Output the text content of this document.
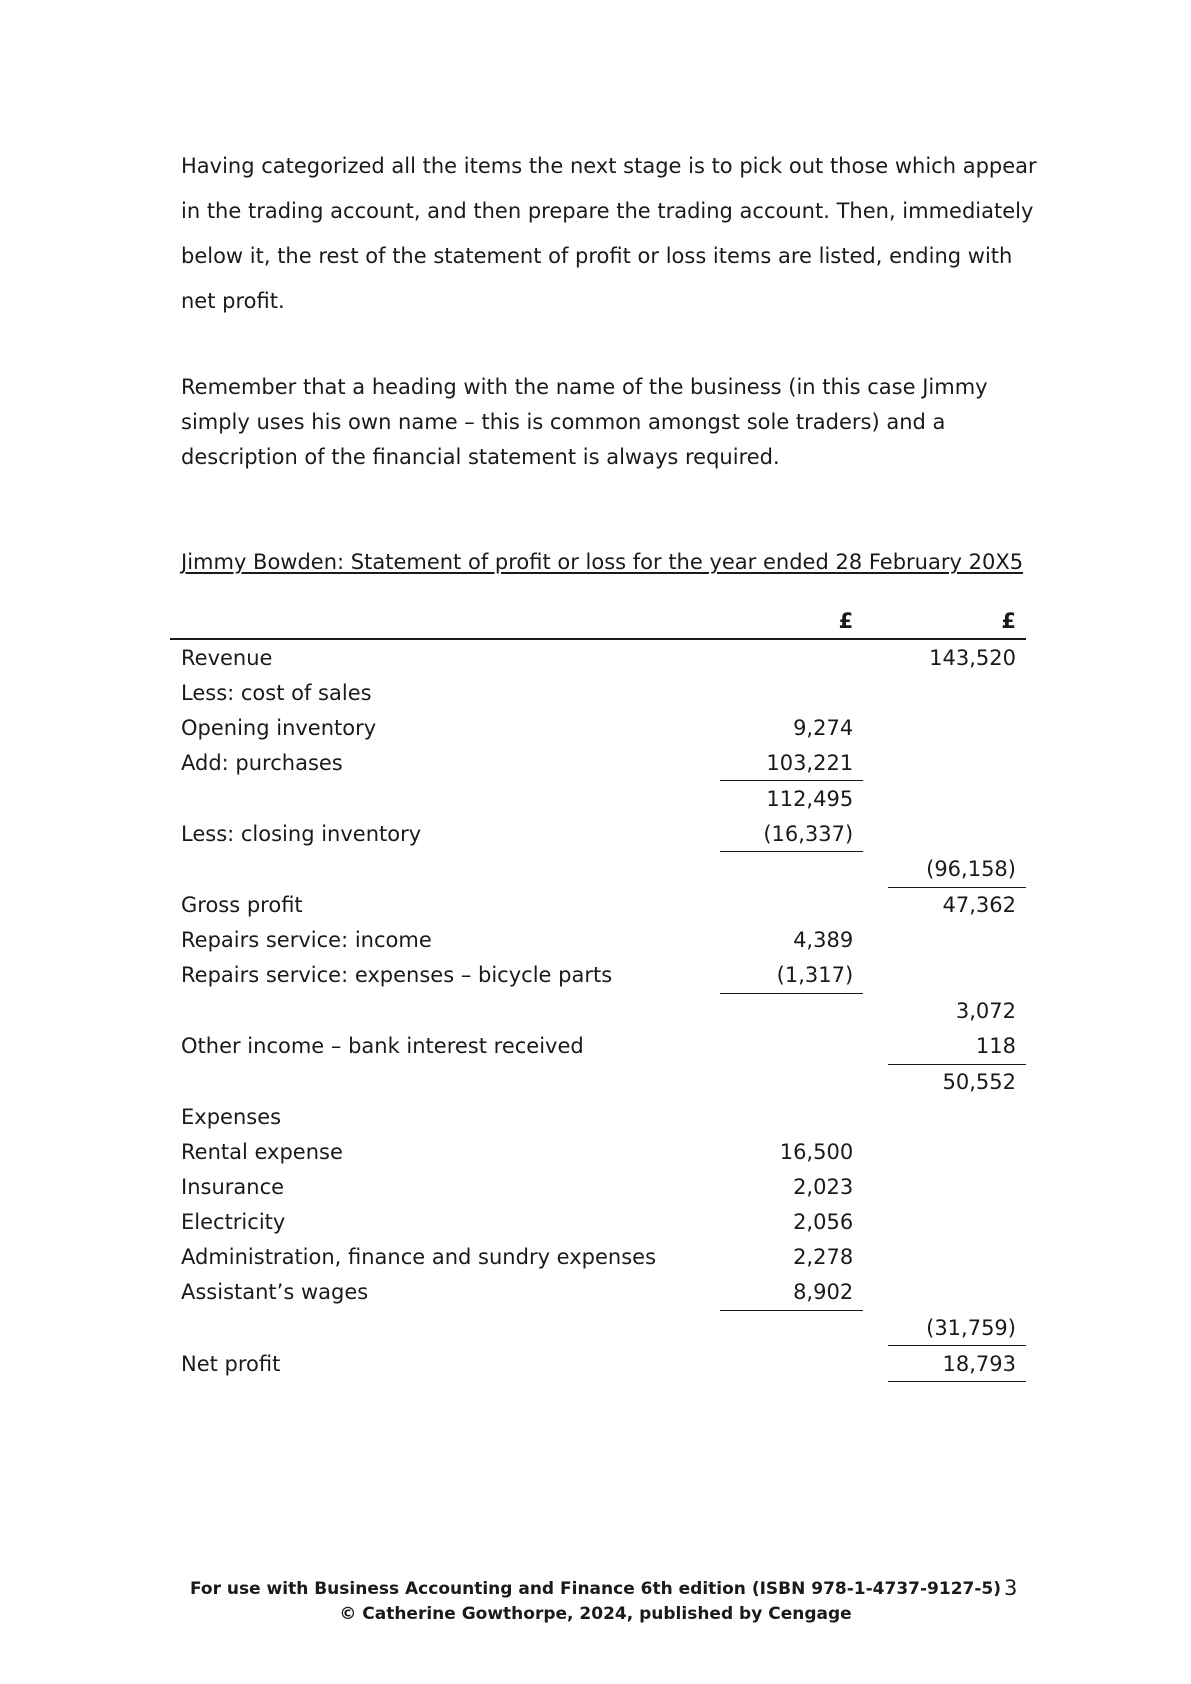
Having categorized all the items the next stage is to pick out those which appear in the trading account, and then prepare the trading account. Then, immediately below it, the rest of the statement of profit or loss items are listed, ending with net profit.

Remember that a heading with the name of the business (in this case Jimmy simply uses his own name – this is common amongst sole traders) and a description of the financial statement is always required.

Jimmy Bowden: Statement of profit or loss for the year ended 28 February 20X5
	£		£
Revenue			143,520
Less: cost of sales			
Opening inventory	9,274		
Add: purchases	103,221		
	112,495		
Less: closing inventory	(16,337)		
			(96,158)
Gross profit			47,362
Repairs service: income	4,389		
Repairs service: expenses – bicycle parts	(1,317)		
			3,072
Other income – bank interest received			118
			50,552
Expenses			
Rental expense	16,500		
Insurance	2,023		
Electricity	2,056		
Administration, finance and sundry expenses	2,278		
Assistant’s wages	8,902		
			(31,759)
Net profit			18,793
For use with Business Accounting and Finance 6th edition (ISBN 978-1-4737-9127-5)
© Catherine Gowthorpe, 2024, published by Cengage
3
